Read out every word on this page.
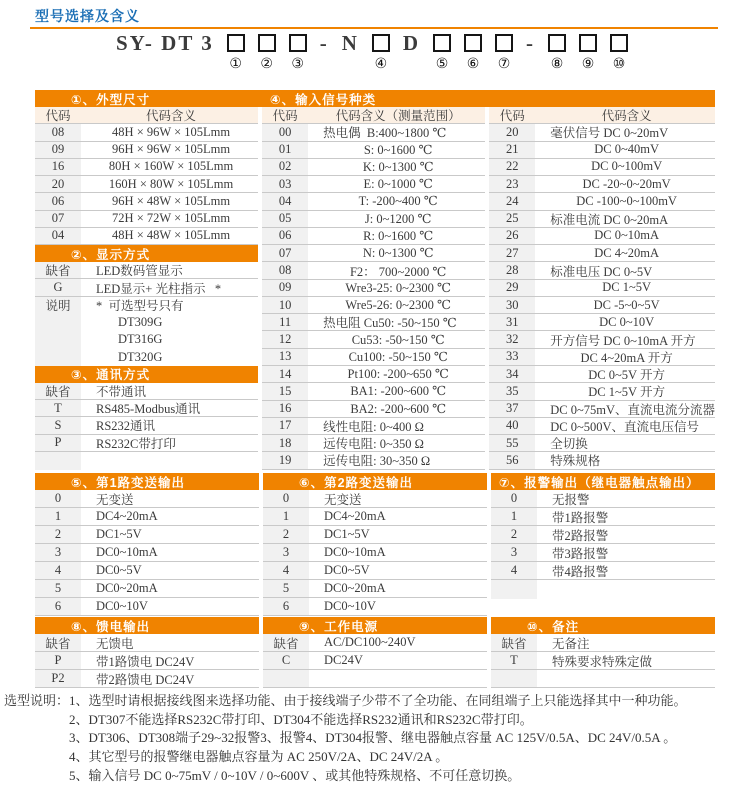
型号选择及含义
SY- DT 3
① ② ③
- N
④
D
⑤ ⑥ ⑦
-
⑧ ⑨ ⑩
①、外型尺寸	④、输入信号种类
代码	代码含义
08	48H × 96W × 105Lmm
09	96H × 96W × 105Lmm
16	80H × 160W × 105Lmm
20	160H × 80W × 105Lmm
06	96H × 48W × 105Lmm
07	72H × 72W × 105Lmm
04	48H × 48W × 105Lmm
②、显示方式
缺省	LED数码管显示
G	LED显示+ 光柱指示   *
说明	*  可选型号只有
DT309G
DT316G
DT320G
③、通讯方式
缺省	不带通讯
T	RS485-Modbus通讯
S	RS232通讯
P	RS232C带打印
代码	代码含义（测量范围）
00	热电偶  B:400~1800 ℃
01	S: 0~1600 ℃
02	K: 0~1300 ℃
03	E: 0~1000 ℃
04	T: -200~400 ℃
05	J: 0~1200 ℃
06	R: 0~1600 ℃
07	N: 0~1300 ℃
08	F2： 700~2000 ℃
09	Wre3-25: 0~2300 ℃
10	Wre5-26: 0~2300 ℃
11	热电阻 Cu50: -50~150 ℃
12	Cu53: -50~150 ℃
13	Cu100: -50~150 ℃
14	Pt100: -200~650 ℃
15	BA1: -200~600 ℃
16	BA2: -200~600 ℃
17	线性电阻: 0~400 Ω
18	远传电阻: 0~350 Ω
19	远传电阻: 30~350 Ω
代码	代码含义
20	毫伏信号 DC 0~20mV
21	DC 0~40mV
22	DC 0~100mV
23	DC -20~0~20mV
24	DC -100~0~100mV
25	标准电流 DC 0~20mA
26	DC 0~10mA
27	DC 4~20mA
28	标准电压 DC 0~5V
29	DC 1~5V
30	DC -5~0~5V
31	DC 0~10V
32	开方信号 DC 0~10mA 开方
33	DC 4~20mA 开方
34	DC 0~5V 开方
35	DC 1~5V 开方
37	DC 0~75mV、直流电流分流器
40	DC 0~500V、直流电压信号
55	全切换
56	特殊规格
⑤、第1路变送输出
0	无变送
1	DC4~20mA
2	DC1~5V
3	DC0~10mA
4	DC0~5V
5	DC0~20mA
6	DC0~10V
⑥、第2路变送输出
0	无变送
1	DC4~20mA
2	DC1~5V
3	DC0~10mA
4	DC0~5V
5	DC0~20mA
6	DC0~10V
⑦、报警输出（继电器触点输出）
0	无报警
1	带1路报警
2	带2路报警
3	带3路报警
4	带4路报警
⑧、馈电输出
缺省	无馈电
P	带1路馈电 DC24V
P2	带2路馈电 DC24V
⑨、工作电源
缺省	AC/DC100~240V
C	DC24V
⑩、备注
缺省	无备注
T	特殊要求特殊定做
选型说明： 1、选型时请根据接线图来选择功能、由于接线端子少带不了全功能、在同组端子上只能选择其中一种功能。
2、DT307不能选择RS232C带打印、DT304不能选择RS232通讯和RS232C带打印。
3、DT306、DT308端子29~32报警3、报警4、DT304报警、继电器触点容量 AC 125V/0.5A、DC 24V/0.5A 。
4、其它型号的报警继电器触点容量为 AC 250V/2A、DC 24V/2A 。
5、输入信号 DC 0~75mV / 0~10V / 0~600V 、或其他特殊规格、不可任意切换。
